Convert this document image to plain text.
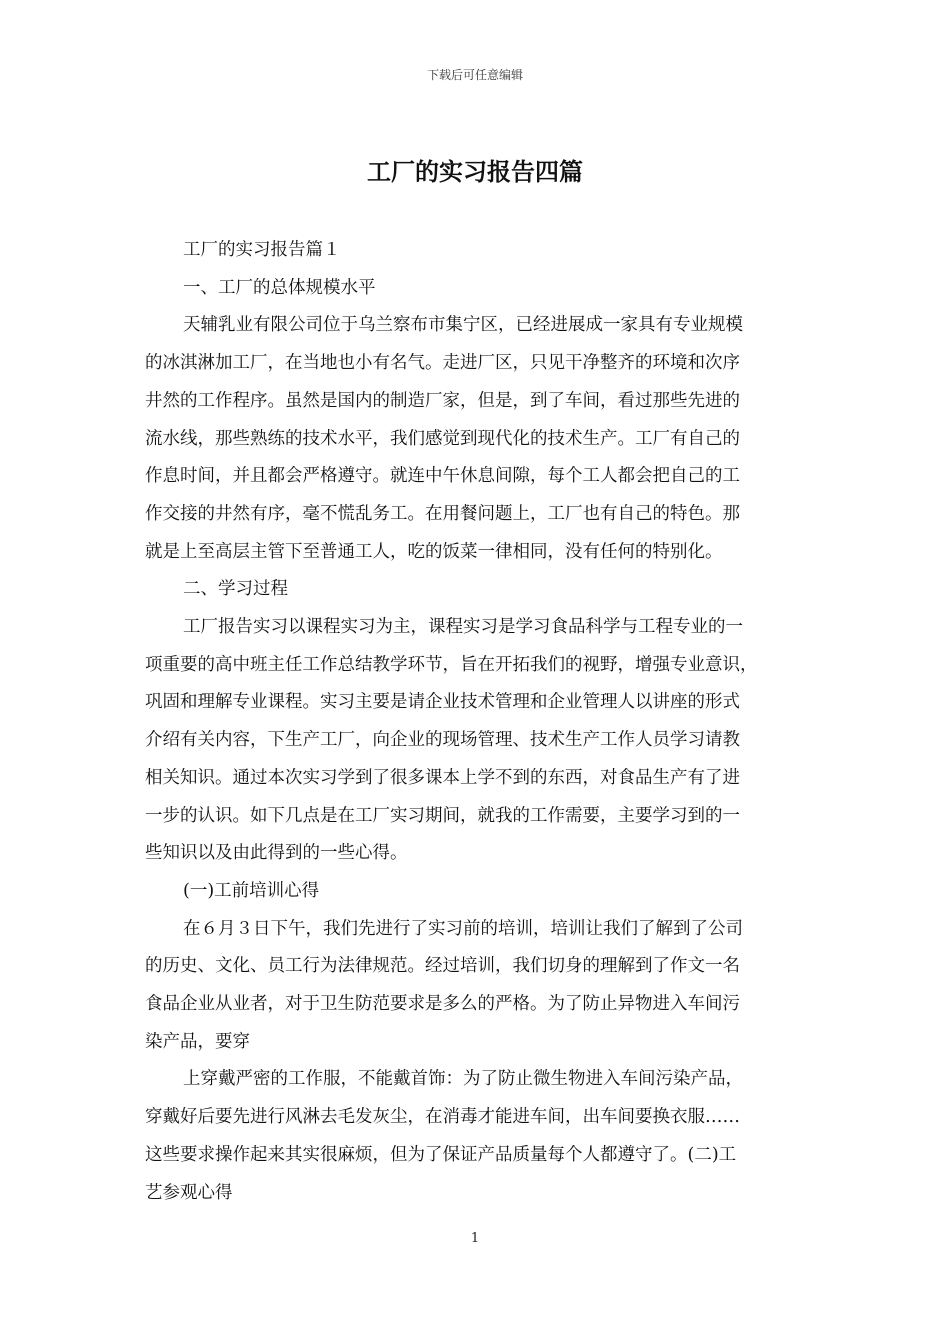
下载后可任意编辑
工厂的实习报告四篇
工厂的实习报告篇１
一、工厂的总体规模水平
天辅乳业有限公司位于乌兰察布市集宁区，已经进展成一家具有专业规模
的冰淇淋加工厂，在当地也小有名气。走进厂区，只见干净整齐的环境和次序
井然的工作程序。虽然是国内的制造厂家，但是，到了车间，看过那些先进的
流水线，那些熟练的技术水平，我们感觉到现代化的技术生产。工厂有自己的
作息时间，并且都会严格遵守。就连中午休息间隙，每个工人都会把自己的工
作交接的井然有序，毫不慌乱务工。在用餐问题上，工厂也有自己的特色。那
就是上至高层主管下至普通工人，吃的饭菜一律相同，没有任何的特别化。
二、学习过程
工厂报告实习以课程实习为主，课程实习是学习食品科学与工程专业的一
项重要的高中班主任工作总结教学环节，旨在开拓我们的视野，增强专业意识，
巩固和理解专业课程。实习主要是请企业技术管理和企业管理人以讲座的形式
介绍有关内容，下生产工厂，向企业的现场管理、技术生产工作人员学习请教
相关知识。通过本次实习学到了很多课本上学不到的东西，对食品生产有了进
一步的认识。如下几点是在工厂实习期间，就我的工作需要，主要学习到的一
些知识以及由此得到的一些心得。
(一)工前培训心得
在６月３日下午，我们先进行了实习前的培训，培训让我们了解到了公司
的历史、文化、员工行为法律规范。经过培训，我们切身的理解到了作文一名
食品企业从业者，对于卫生防范要求是多么的严格。为了防止异物进入车间污
染产品，要穿
上穿戴严密的工作服，不能戴首饰：为了防止微生物进入车间污染产品，
穿戴好后要先进行风淋去毛发灰尘，在消毒才能进车间，出车间要换衣服……
这些要求操作起来其实很麻烦，但为了保证产品质量每个人都遵守了。(二)工
艺参观心得
1
